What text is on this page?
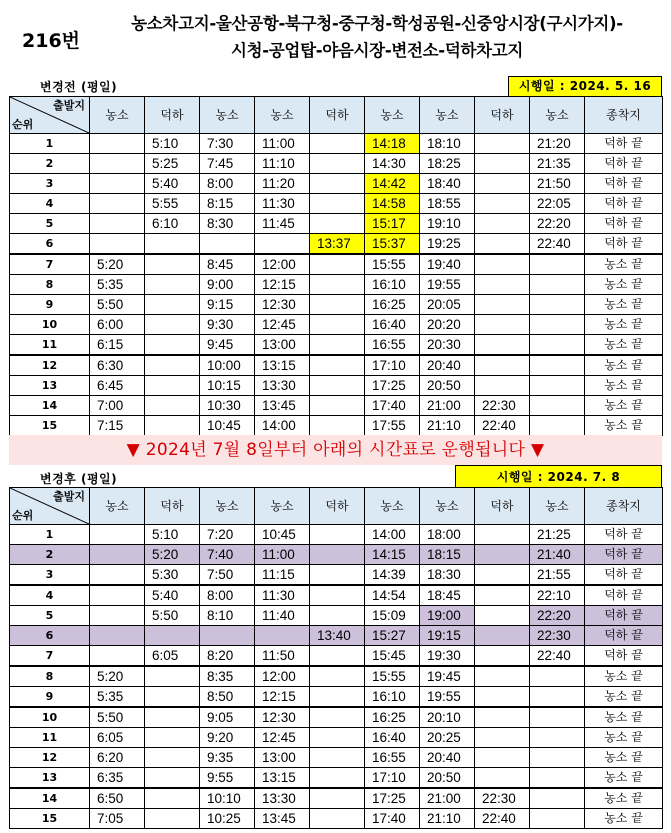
216번
농소차고지-울산공항-북구청-중구청-학성공원-신중앙시장(구시가지)-
시청-공업탑-야음시장-변전소-덕하차고지
변경전 (평일)	시행일 : 2024. 5. 16
출발지
순위	농소	덕하	농소	농소	덕하	농소	농소	덕하	농소	종착지
1		5:10	7:30	11:00		14:18	18:10		21:20	덕하 끝
2		5:25	7:45	11:10		14:30	18:25		21:35	덕하 끝
3		5:40	8:00	11:20		14:42	18:40		21:50	덕하 끝
4		5:55	8:15	11:30		14:58	18:55		22:05	덕하 끝
5		6:10	8:30	11:45		15:17	19:10		22:20	덕하 끝
6					13:37	15:37	19:25		22:40	덕하 끝
7	5:20		8:45	12:00		15:55	19:40			농소 끝
8	5:35		9:00	12:15		16:10	19:55			농소 끝
9	5:50		9:15	12:30		16:25	20:05			농소 끝
10	6:00		9:30	12:45		16:40	20:20			농소 끝
11	6:15		9:45	13:00		16:55	20:30			농소 끝
12	6:30		10:00	13:15		17:10	20:40			농소 끝
13	6:45		10:15	13:30		17:25	20:50			농소 끝
14	7:00		10:30	13:45		17:40	21:00	22:30		농소 끝
15	7:15		10:45	14:00		17:55	21:10	22:40		농소 끝
▼ 2024년 7월 8일부터 아래의 시간표로 운행됩니다 ▼
변경후 (평일)	시행일 : 2024. 7. 8
출발지
순위	농소	덕하	농소	농소	덕하	농소	농소	덕하	농소	종착지
1		5:10	7:20	10:45		14:00	18:00		21:25	덕하 끝
2		5:20	7:40	11:00		14:15	18:15		21:40	덕하 끝
3		5:30	7:50	11:15		14:39	18:30		21:55	덕하 끝
4		5:40	8:00	11:30		14:54	18:45		22:10	덕하 끝
5		5:50	8:10	11:40		15:09	19:00		22:20	덕하 끝
6					13:40	15:27	19:15		22:30	덕하 끝
7		6:05	8:20	11:50		15:45	19:30		22:40	덕하 끝
8	5:20		8:35	12:00		15:55	19:45			농소 끝
9	5:35		8:50	12:15		16:10	19:55			농소 끝
10	5:50		9:05	12:30		16:25	20:10			농소 끝
11	6:05		9:20	12:45		16:40	20:25			농소 끝
12	6:20		9:35	13:00		16:55	20:40			농소 끝
13	6:35		9:55	13:15		17:10	20:50			농소 끝
14	6:50		10:10	13:30		17:25	21:00	22:30		농소 끝
15	7:05		10:25	13:45		17:40	21:10	22:40		농소 끝
